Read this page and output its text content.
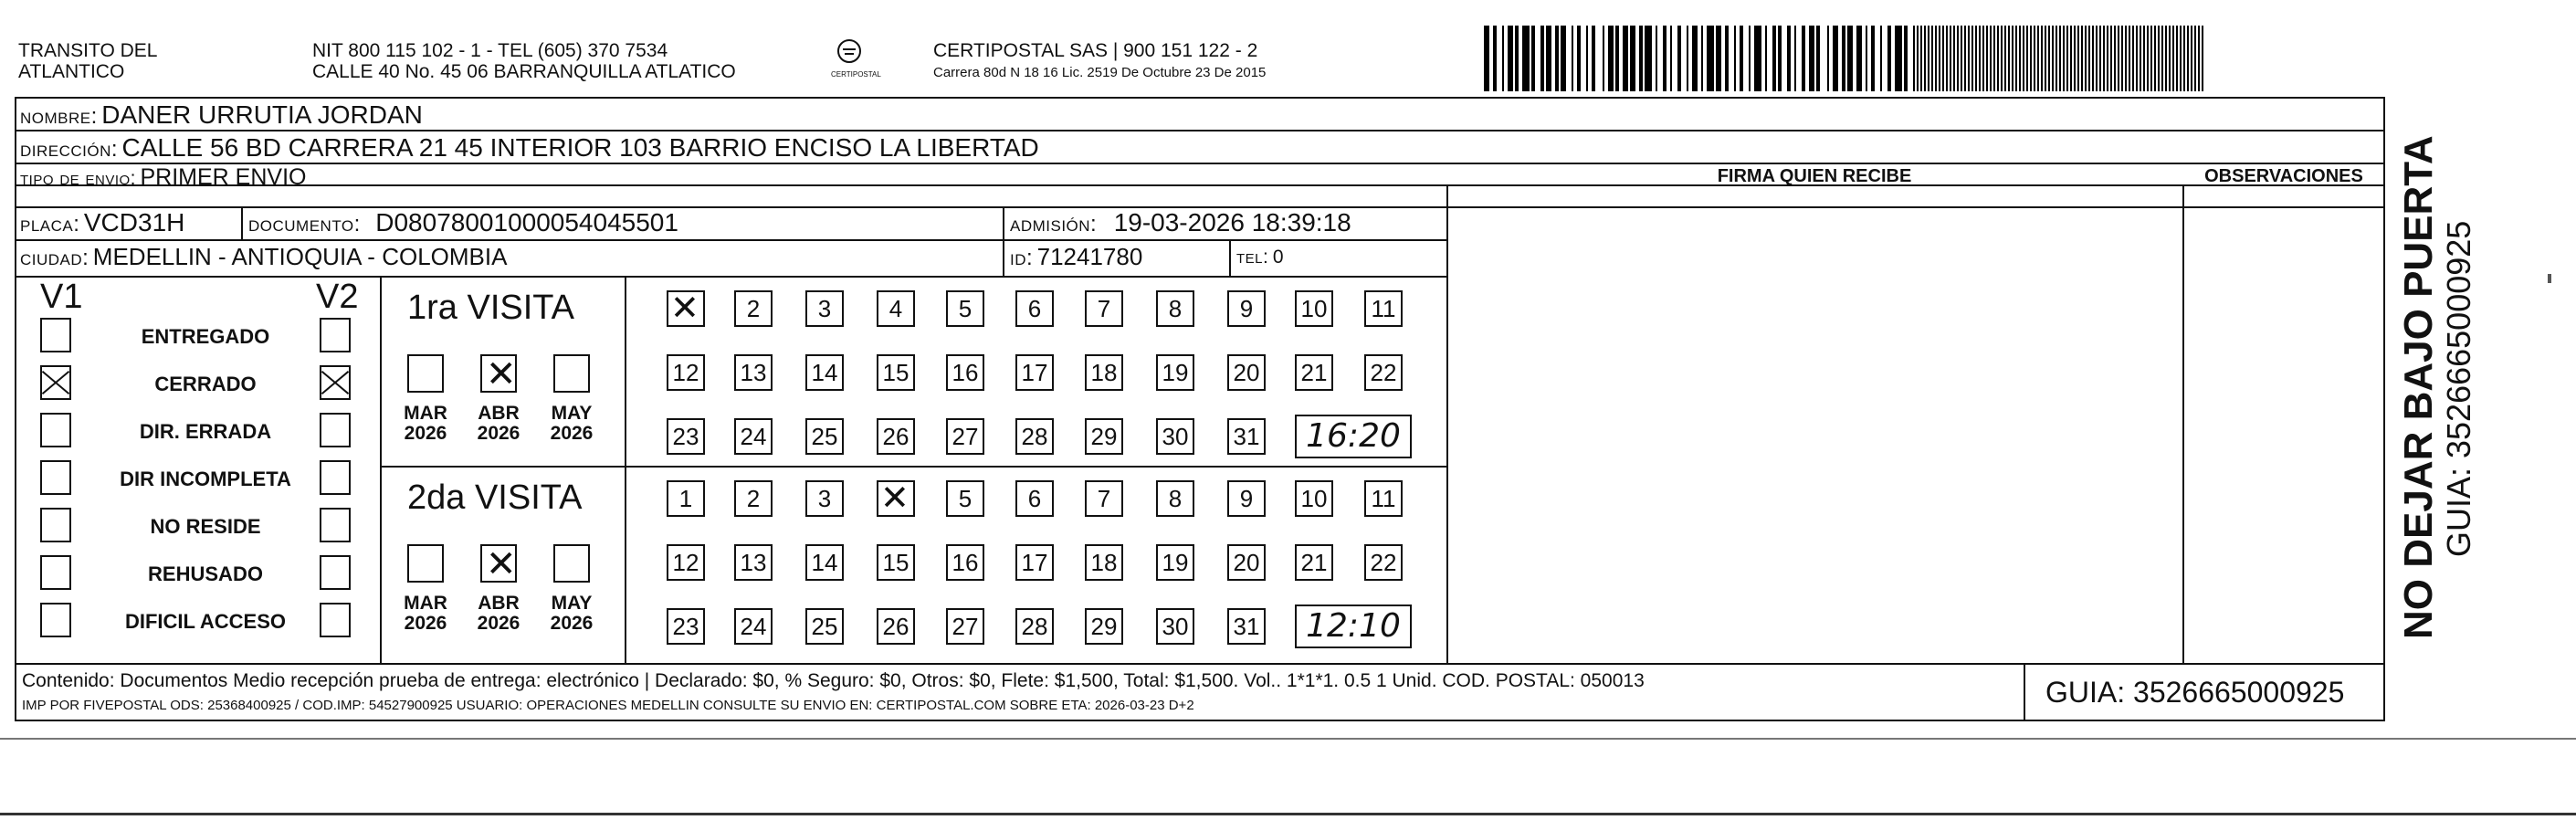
TRANSITO DEL
ATLANTICO
NIT 800 115 102 - 1 - TEL (605) 370 7534
CALLE 40 No. 45 06 BARRANQUILLA ATLATICO	CERTIPOSTAL
CERTIPOSTAL SAS | 900 151 122 - 2
Carrera 80d N 18 16 Lic. 2519 De Octubre 23 De 2015
nombre: DANER URRUTIA JORDAN
dirección: CALLE 56 BD CARRERA 21 45 INTERIOR 103 BARRIO ENCISO LA LIBERTAD
tipo de envio: PRIMER ENVIO	FIRMA QUIEN RECIBE	OBSERVACIONES
placa: VCD31H	documento: D08078001000054045501	admisión: 19-03-2026 18:39:18
ciudad: MEDELLIN - ANTIOQUIA - COLOMBIA	id: 71241780	tel: 0
V1	V2
ENTREGADO
CERRADO
DIR. ERRADA
DIR INCOMPLETA
NO RESIDE
REHUSADO
DIFICIL ACCESO
1ra VISITA
MAR
2026
✕
ABR
2026
MAY
2026
✕
2	3	4	5	6	7	8	9	10 11
12 13 14 15 16 17 18 19 20 21 22
23 24 25 26 27 28 29 30 31	16:20
2da VISITA
MAR
2026
✕
ABR
2026
MAY
2026
1	2	3
✕	5	6	7	8	9	10 11
12 13 14 15 16 17 18 19 20 21 22
23 24 25 26 27 28 29 30 31	12:10
Contenido: Documentos Medio recepción prueba de entrega: electrónico | Declarado: $0, % Seguro: $0, Otros: $0, Flete: $1,500, Total: $1,500. Vol.. 1*1*1. 0.5 1 Unid. COD. POSTAL: 050013
IMP POR FIVEPOSTAL ODS: 25368400925 / COD.IMP: 54527900925 USUARIO: OPERACIONES MEDELLIN CONSULTE SU ENVIO EN: CERTIPOSTAL.COM SOBRE ETA: 2026-03-23 D+2	GUIA: 3526665000925
NO DEJAR BAJO PUERTA GUIA: 3526665000925
